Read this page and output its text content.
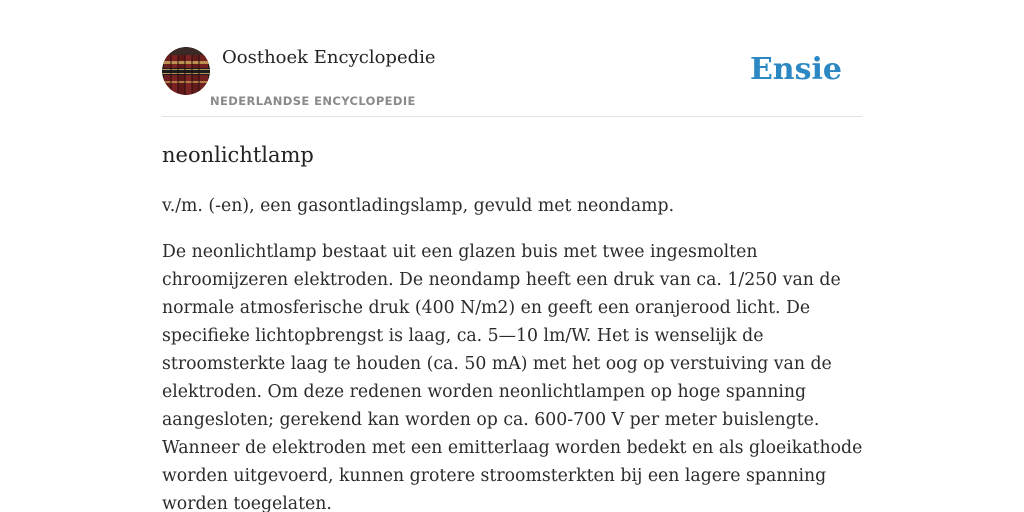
Oosthoek Encyclopedie
NEDERLANDSE ENCYCLOPEDIE
Ensie
neonlichtlamp

v./m. (-en), een gasontladingslamp, gevuld met neondamp.

De neonlichtlamp bestaat uit een glazen buis met twee ingesmolten chroomijzeren elektroden. De neondamp heeft een druk van ca. 1/250 van de normale atmosferische druk (400 N/m2) en geeft een oranjerood licht. De specifieke lichtopbrengst is laag, ca. 5—10 lm/W. Het is wenselijk de stroomsterkte laag te houden (ca. 50 mA) met het oog op verstuiving van de elektroden. Om deze redenen worden neonlichtlampen op hoge spanning aangesloten; gerekend kan worden op ca. 600-700 V per meter buislengte. Wanneer de elektroden met een emitterlaag worden bedekt en als gloeikathode worden uitgevoerd, kunnen grotere stroomsterkten bij een lagere spanning worden toegelaten.
